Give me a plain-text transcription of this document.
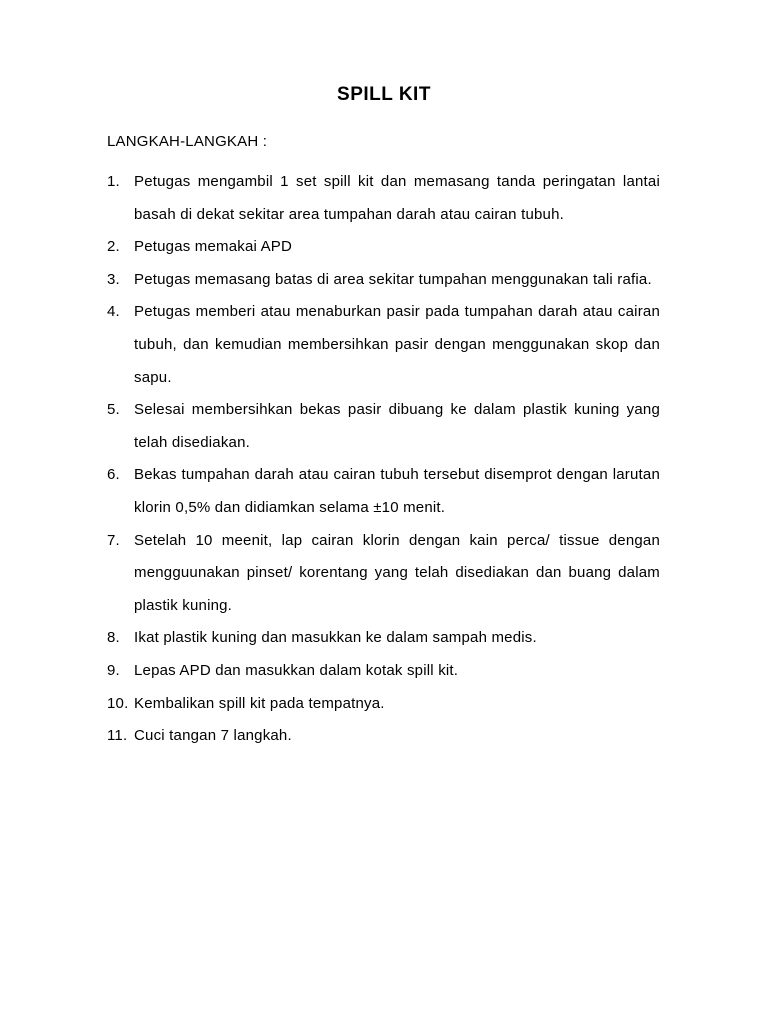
SPILL KIT
LANGKAH-LANGKAH :
1. Petugas mengambil 1 set spill kit dan memasang tanda peringatan lantai basah di dekat sekitar area tumpahan darah atau cairan tubuh.
2. Petugas memakai APD
3. Petugas memasang batas di area sekitar tumpahan menggunakan tali rafia.
4. Petugas memberi atau menaburkan pasir pada tumpahan darah atau cairan tubuh, dan kemudian membersihkan pasir dengan menggunakan skop dan sapu.
5. Selesai membersihkan bekas pasir dibuang ke dalam plastik kuning yang telah disediakan.
6. Bekas tumpahan darah atau cairan tubuh tersebut disemprot dengan larutan klorin 0,5% dan didiamkan selama ±10 menit.
7. Setelah 10 meenit, lap cairan klorin dengan kain perca/ tissue dengan mengguunakan pinset/ korentang yang telah disediakan dan buang dalam plastik kuning.
8. Ikat plastik kuning dan masukkan ke dalam sampah medis.
9. Lepas APD dan masukkan dalam kotak spill kit.
10. Kembalikan spill kit pada tempatnya.
11. Cuci tangan 7 langkah.
